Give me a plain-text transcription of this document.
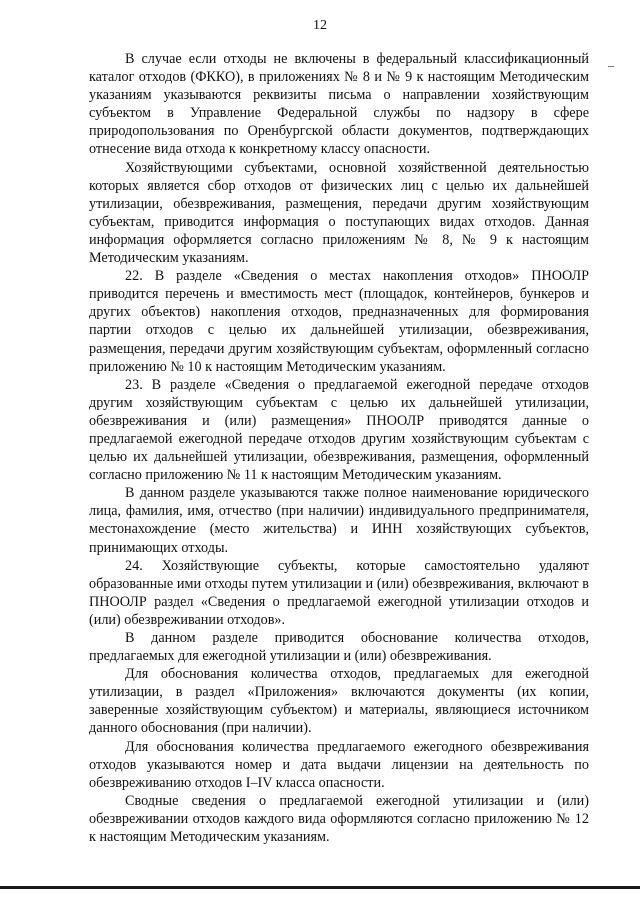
12

В случае если отходы не включены в федеральный классификационный каталог отходов (ФККО), в приложениях № 8 и № 9 к настоящим Методическим указаниям указываются реквизиты письма о направлении хозяйствующим субъектом в Управление Федеральной службы по надзору в сфере природопользования по Оренбургской области документов, подтверждающих отнесение вида отхода к конкретному классу опасности.

Хозяйствующими субъектами, основной хозяйственной деятельностью которых является сбор отходов от физических лиц с целью их дальнейшей утилизации, обезвреживания, размещения, передачи другим хозяйствующим субъектам, приводится информация о поступающих видах отходов. Данная информация оформляется согласно приложениям № 8, № 9 к настоящим Методическим указаниям.

22. В разделе «Сведения о местах накопления отходов» ПНООЛР приводится перечень и вместимость мест (площадок, контейнеров, бункеров и других объектов) накопления отходов, предназначенных для формирования партии отходов с целью их дальнейшей утилизации, обезвреживания, размещения, передачи другим хозяйствующим субъектам, оформленный согласно приложению № 10 к настоящим Методическим указаниям.

23. В разделе «Сведения о предлагаемой ежегодной передаче отходов другим хозяйствующим субъектам с целью их дальнейшей утилизации, обезвреживания и (или) размещения» ПНООЛР приводятся данные о предлагаемой ежегодной передаче отходов другим хозяйствующим субъектам с целью их дальнейшей утилизации, обезвреживания, размещения, оформленный согласно приложению № 11 к настоящим Методическим указаниям.

В данном разделе указываются также полное наименование юридического лица, фамилия, имя, отчество (при наличии) индивидуального предпринимателя, местонахождение (место жительства) и ИНН хозяйствующих субъектов, принимающих отходы.

24. Хозяйствующие субъекты, которые самостоятельно удаляют образованные ими отходы путем утилизации и (или) обезвреживания, включают в ПНООЛР раздел «Сведения о предлагаемой ежегодной утилизации отходов и (или) обезвреживании отходов».

В данном разделе приводится обоснование количества отходов, предлагаемых для ежегодной утилизации и (или) обезвреживания.

Для обоснования количества отходов, предлагаемых для ежегодной утилизации, в раздел «Приложения» включаются документы (их копии, заверенные хозяйствующим субъектом) и материалы, являющиеся источником данного обоснования (при наличии).

Для обоснования количества предлагаемого ежегодного обезвреживания отходов указываются номер и дата выдачи лицензии на деятельность по обезвреживанию отходов I–IV класса опасности.

Сводные сведения о предлагаемой ежегодной утилизации и (или) обезвреживании отходов каждого вида оформляются согласно приложению № 12 к настоящим Методическим указаниям.
